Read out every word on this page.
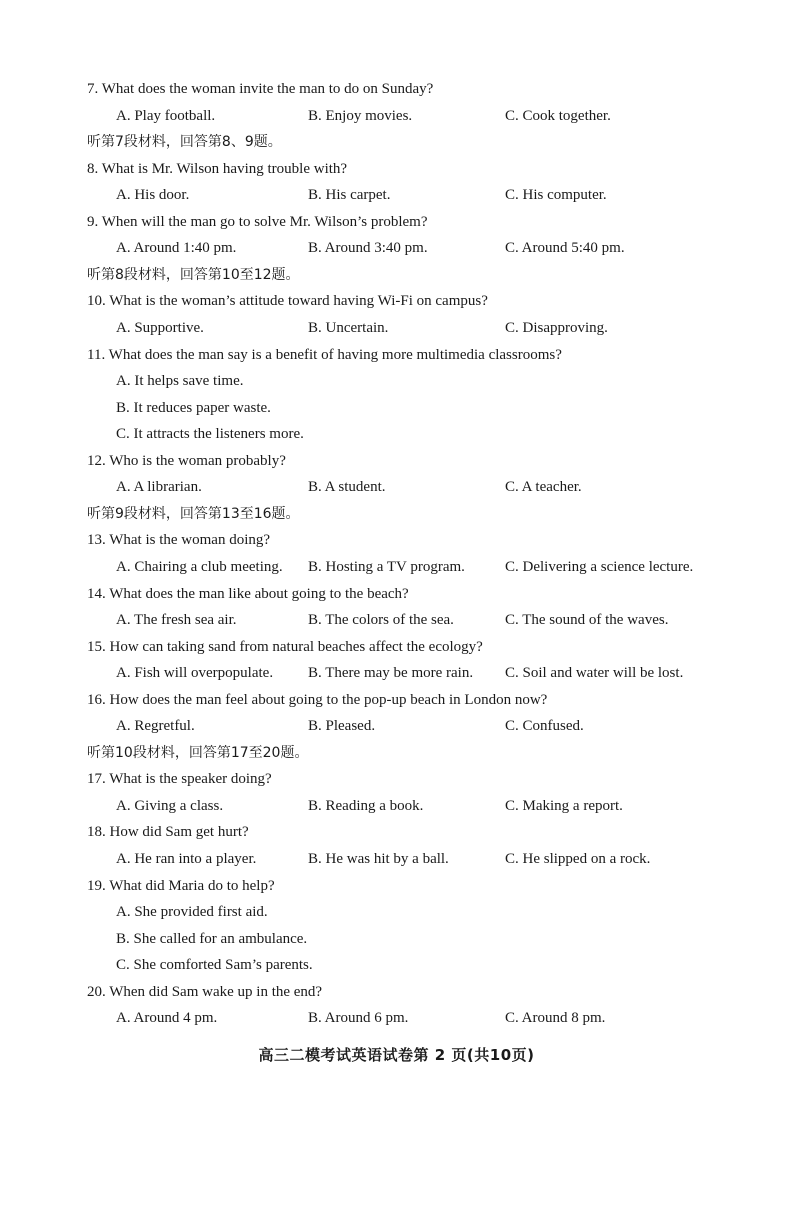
7. What does the woman invite the man to do on Sunday?
A. Play football.	B. Enjoy movies.	C. Cook together.
听第7段材料，回答第8、9题。
8. What is Mr. Wilson having trouble with?
A. His door.	B. His carpet.	C. His computer.
9. When will the man go to solve Mr. Wilson’s problem?
A. Around 1:40 pm.	B. Around 3:40 pm.	C. Around 5:40 pm.
听第8段材料，回答第10至12题。
10. What is the woman’s attitude toward having Wi-Fi on campus?
A. Supportive.	B. Uncertain.	C. Disapproving.
11. What does the man say is a benefit of having more multimedia classrooms?
A. It helps save time.
B. It reduces paper waste.
C. It attracts the listeners more.
12. Who is the woman probably?
A. A librarian.	B. A student.	C. A teacher.
听第9段材料，回答第13至16题。
13. What is the woman doing?
A. Chairing a club meeting. B. Hosting a TV program.	C. Delivering a science lecture.
14. What does the man like about going to the beach?
A. The fresh sea air.	B. The colors of the sea.	C. The sound of the waves.
15. How can taking sand from natural beaches affect the ecology?
A. Fish will overpopulate. B. There may be more rain. C. Soil and water will be lost.
16. How does the man feel about going to the pop-up beach in London now?
A. Regretful.	B. Pleased.	C. Confused.
听第10段材料，回答第17至20题。
17. What is the speaker doing?
A. Giving a class.	B. Reading a book.	C. Making a report.
18. How did Sam get hurt?
A. He ran into a player.	B. He was hit by a ball.	C. He slipped on a rock.
19. What did Maria do to help?
A. She provided first aid.
B. She called for an ambulance.
C. She comforted Sam’s parents.
20. When did Sam wake up in the end?
A. Around 4 pm.	B. Around 6 pm.	C. Around 8 pm.
高三二模考试英语试卷第 2 页(共10页)
